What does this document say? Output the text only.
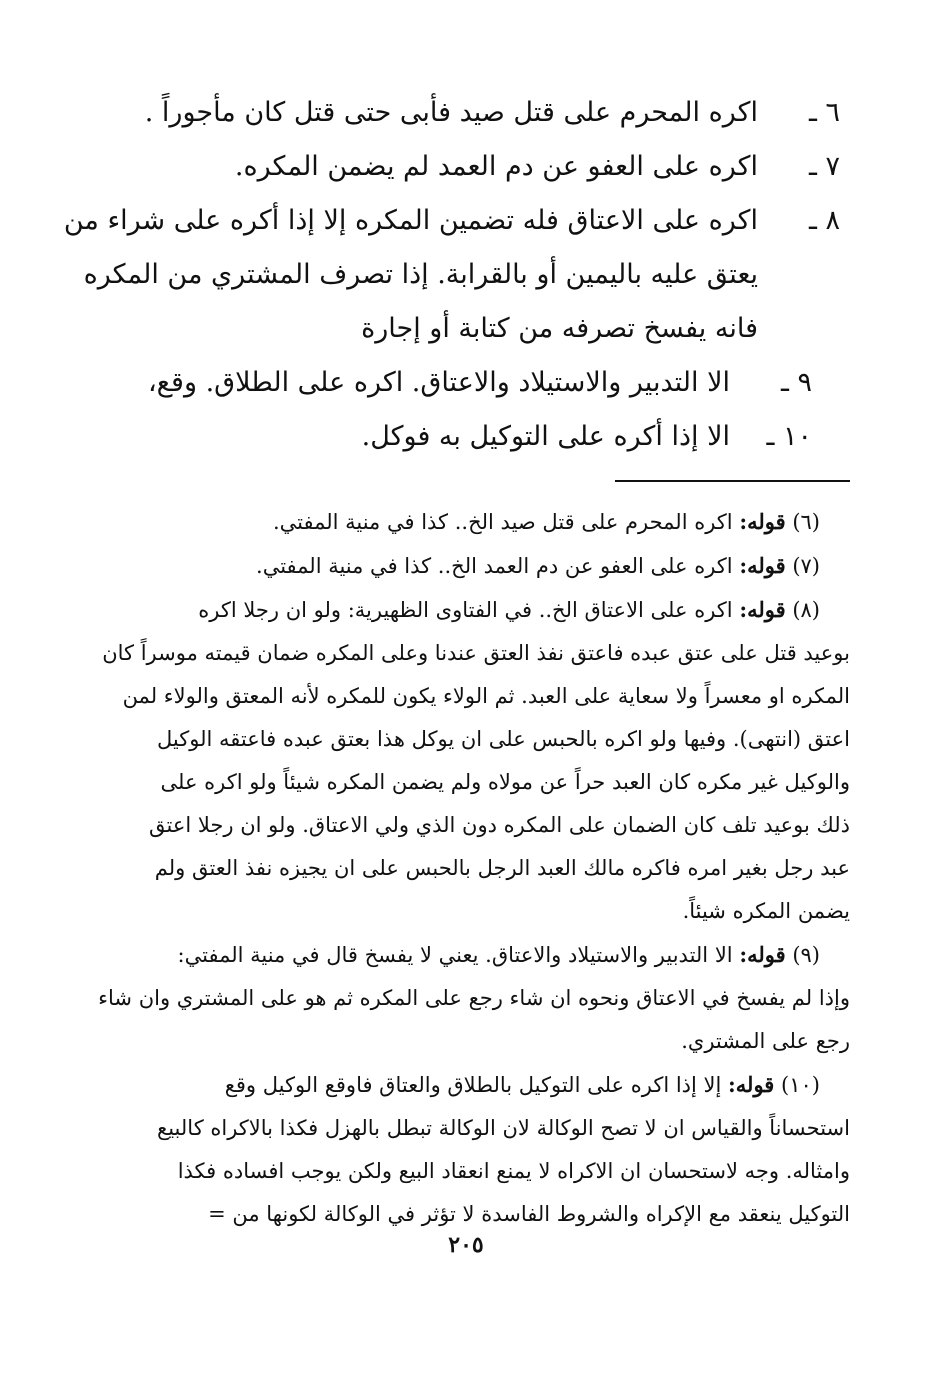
٦ ـ
اكره المحرم على قتل صيد فأبى حتى قتل كان مأجوراً .
٧ ـ
اكره على العفو عن دم العمد لم يضمن المكره.
٨ ـ
اكره على الاعتاق فله تضمين المكره إلا إذا أكره على شراء من
يعتق عليه باليمين أو بالقرابة. إذا تصرف المشتري من المكره
فانه يفسخ تصرفه من كتابة أو إجارة
٩ ـ
الا التدبير والاستيلاد والاعتاق. اكره على الطلاق. وقع،
١٠ ـ
الا إذا أكره على التوكيل به فوكل.

(٦) قوله: اكره المحرم على قتل صيد الخ.. كذا في منية المفتي.

(٧) قوله: اكره على العفو عن دم العمد الخ.. كذا في منية المفتي.

(٨) قوله: اكره على الاعتاق الخ.. في الفتاوى الظهيرية: ولو ان رجلا اكره

بوعيد قتل على عتق عبده فاعتق نفذ العتق عندنا وعلى المكره ضمان قيمته موسراً كان

المكره او معسراً ولا سعاية على العبد. ثم الولاء يكون للمكره لأنه المعتق والولاء لمن

اعتق (انتهى). وفيها ولو اكره بالحبس على ان يوكل هذا بعتق عبده فاعتقه الوكيل

والوكيل غير مكره كان العبد حراً عن مولاه ولم يضمن المكره شيئاً ولو اكره على

ذلك بوعيد تلف كان الضمان على المكره دون الذي ولي الاعتاق. ولو ان رجلا اعتق

عبد رجل بغير امره فاكره مالك العبد الرجل بالحبس على ان يجيزه نفذ العتق ولم

يضمن المكره شيئاً.

(٩) قوله: الا التدبير والاستيلاد والاعتاق. يعني لا يفسخ قال في منية المفتي:

وإذا لم يفسخ في الاعتاق ونحوه ان شاء رجع على المكره ثم هو على المشتري وان شاء

رجع على المشتري.

(١٠) قوله: إلا إذا اكره على التوكيل بالطلاق والعتاق فاوقع الوكيل وقع

استحساناً والقياس ان لا تصح الوكالة لان الوكالة تبطل بالهزل فكذا بالاكراه كالبيع

وامثاله. وجه لاستحسان ان الاكراه لا يمنع انعقاد البيع ولكن يوجب افساده فكذا

التوكيل ينعقد مع الإكراه والشروط الفاسدة لا تؤثر في الوكالة لكونها من =

٢٠٥
